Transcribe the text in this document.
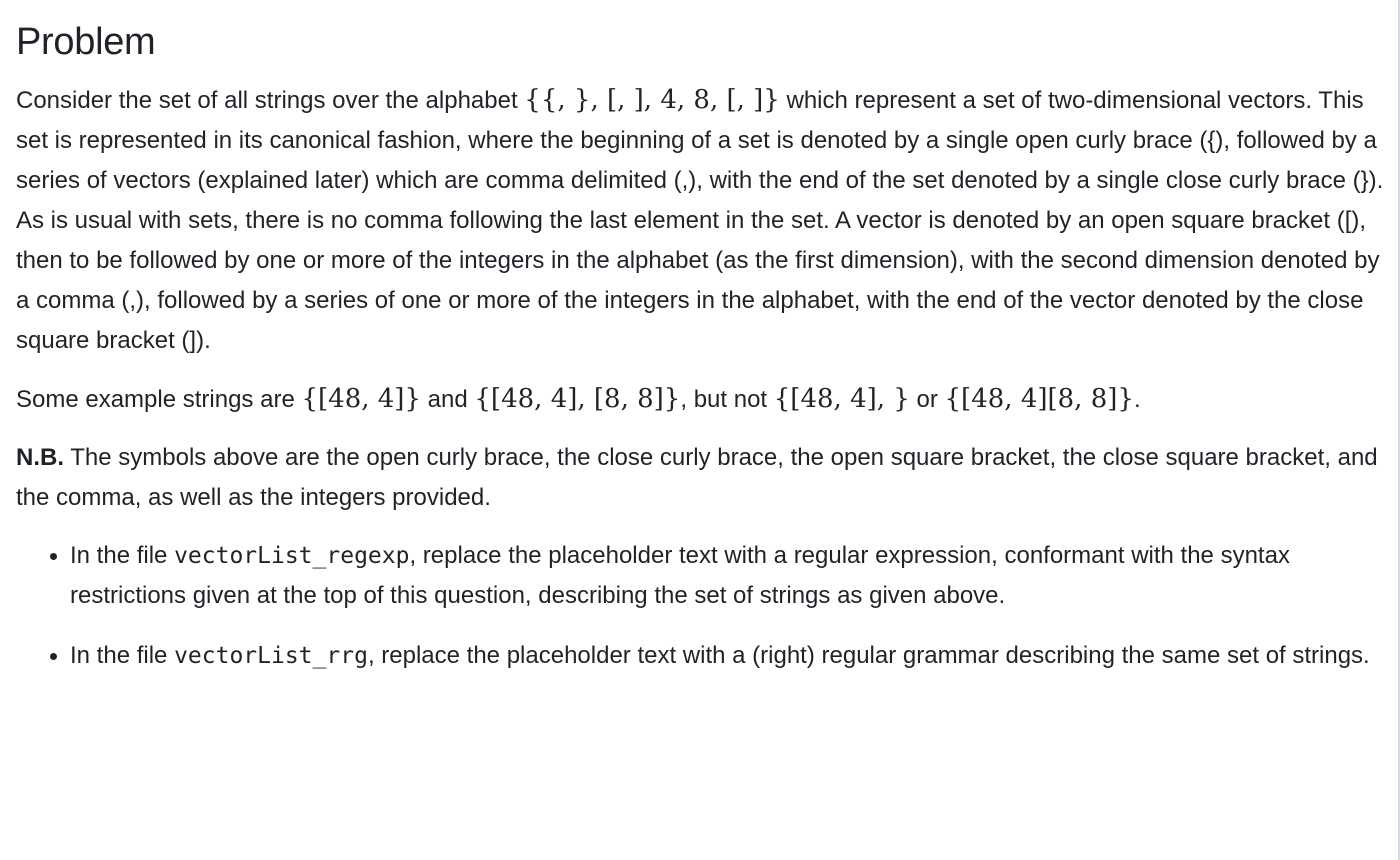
Problem

Consider the set of all strings over the alphabet {{, }, [, ], 4, 8, [, ]} which represent a set of two-dimensional vectors. This set is represented in its canonical fashion, where the beginning of a set is denoted by a single open curly brace ({), followed by a series of vectors (explained later) which are comma delimited (,), with the end of the set denoted by a single close curly brace (}). As is usual with sets, there is no comma following the last element in the set. A vector is denoted by an open square bracket ([), then to be followed by one or more of the integers in the alphabet (as the first dimension), with the second dimension denoted by a comma (,), followed by a series of one or more of the integers in the alphabet, with the end of the vector denoted by the close square bracket (]).

Some example strings are {[48, 4]} and {[48, 4], [8, 8]}, but not {[48, 4], } or {[48, 4][8, 8]}.

N.B. The symbols above are the open curly brace, the close curly brace, the open square bracket, the close square bracket, and the comma, as well as the integers provided.

• In the file vectorList_regexp, replace the placeholder text with a regular expression, conformant with the syntax restrictions given at the top of this question, describing the set of strings as given above.
• In the file vectorList_rrg, replace the placeholder text with a (right) regular grammar describing the same set of strings.
